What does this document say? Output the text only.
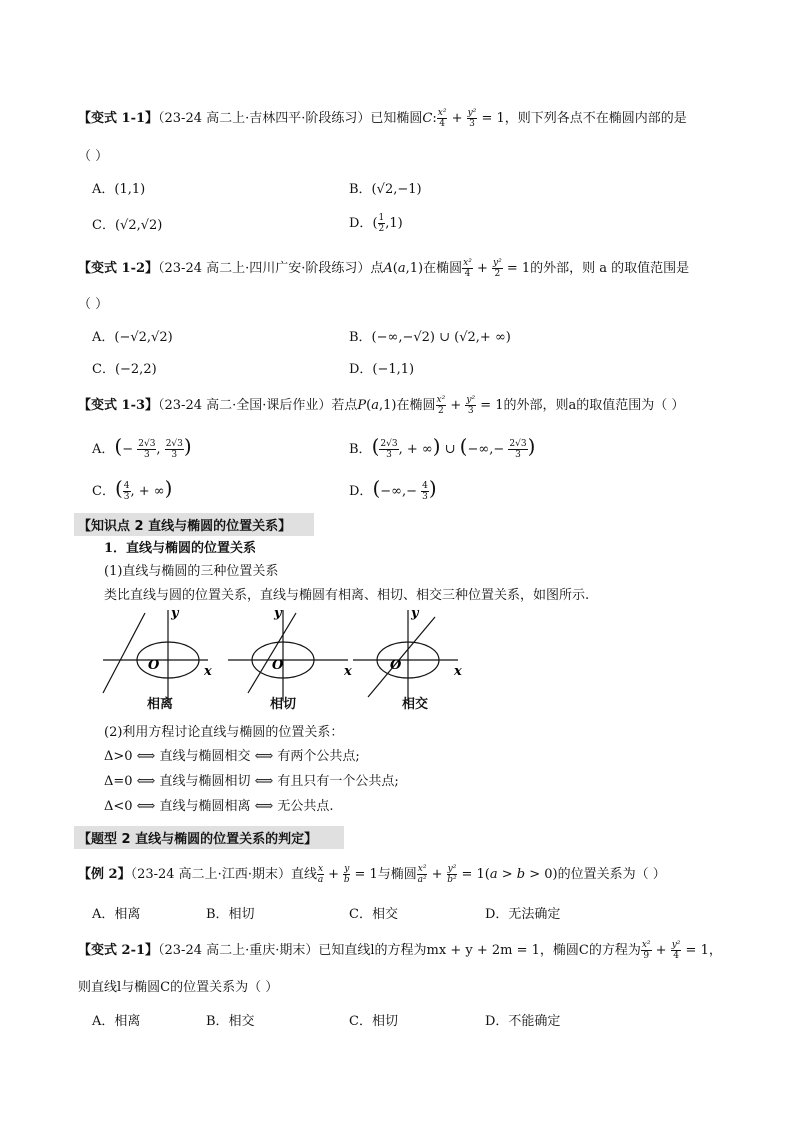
【变式 1-1】（23-24 高二上·吉林四平·阶段练习）已知椭圆C: $\frac{\text{x²}}{4} + \frac{\text{y²}}{3} = 1$，则下列各点不在椭圆内部的是
（ ）
A．(1,1)	B．(√2,−1)
C．(√2,√2)	D．( $\frac{1}{2} ,1$)
【变式 1-2】（23-24 高二上·四川广安·阶段练习）点A(a,1)在椭圆 $\frac{\text{x²}}{4} + \frac{\text{y²}}{2} = 1$的外部，则 a 的取值范围是
（ ）
A．(−√2,√2)	B．(−∞,−√2) ∪ (√2,+ ∞)
C．(−2,2)	D．(−1,1)
【变式 1-3】（23-24 高二·全国·课后作业）若点P(a,1)在椭圆 $\frac{\text{x²}}{2} + \frac{\text{y²}}{3} = 1$的外部，则a的取值范围为（ ）
A．(− $\frac{2√3}{3}$ , $\frac{2√3}{3}$ )	B．( $\frac{2√3}{3}$ , + ∞) ∪ (−∞,− $\frac{2√3}{3}$ )
C．( $\frac{4}{3}$ , + ∞)	D．(−∞,− $\frac{4}{3}$ )
【知识点 2 直线与椭圆的位置关系】
1．直线与椭圆的位置关系
(1)直线与椭圆的三种位置关系
类比直线与圆的位置关系，直线与椭圆有相离、相切、相交三种位置关系，如图所示.
y
x
O
y
x
O
y
x
O
相离	相切	相交
(2)利用方程讨论直线与椭圆的位置关系：
Δ>0 ⟺ 直线与椭圆相交 ⟺ 有两个公共点;
Δ=0 ⟺ 直线与椭圆相切 ⟺ 有且只有一个公共点;
Δ<0 ⟺ 直线与椭圆相离 ⟺ 无公共点.
【题型 2 直线与椭圆的位置关系的判定】
【例 2】（23-24 高二上·江西·期末）直线 $\frac{x}{a} + \frac{y}{b} = 1$与椭圆 $\frac{\text{x²}}{\text{a²}} + \frac{\text{y²}}{\text{b²}} = 1(a > b > 0)$的位置关系为（ ）
A．相离	B．相切	C．相交	D．无法确定
【变式 2-1】（23-24 高二上·重庆·期末）已知直线l的方程为mx + y + 2m = 1，椭圆C的方程为 $\frac{\text{x²}}{9} + \frac{\text{y²}}{4} = 1$，
则直线l与椭圆C的位置关系为（ ）
A．相离	B．相交	C．相切	D．不能确定
